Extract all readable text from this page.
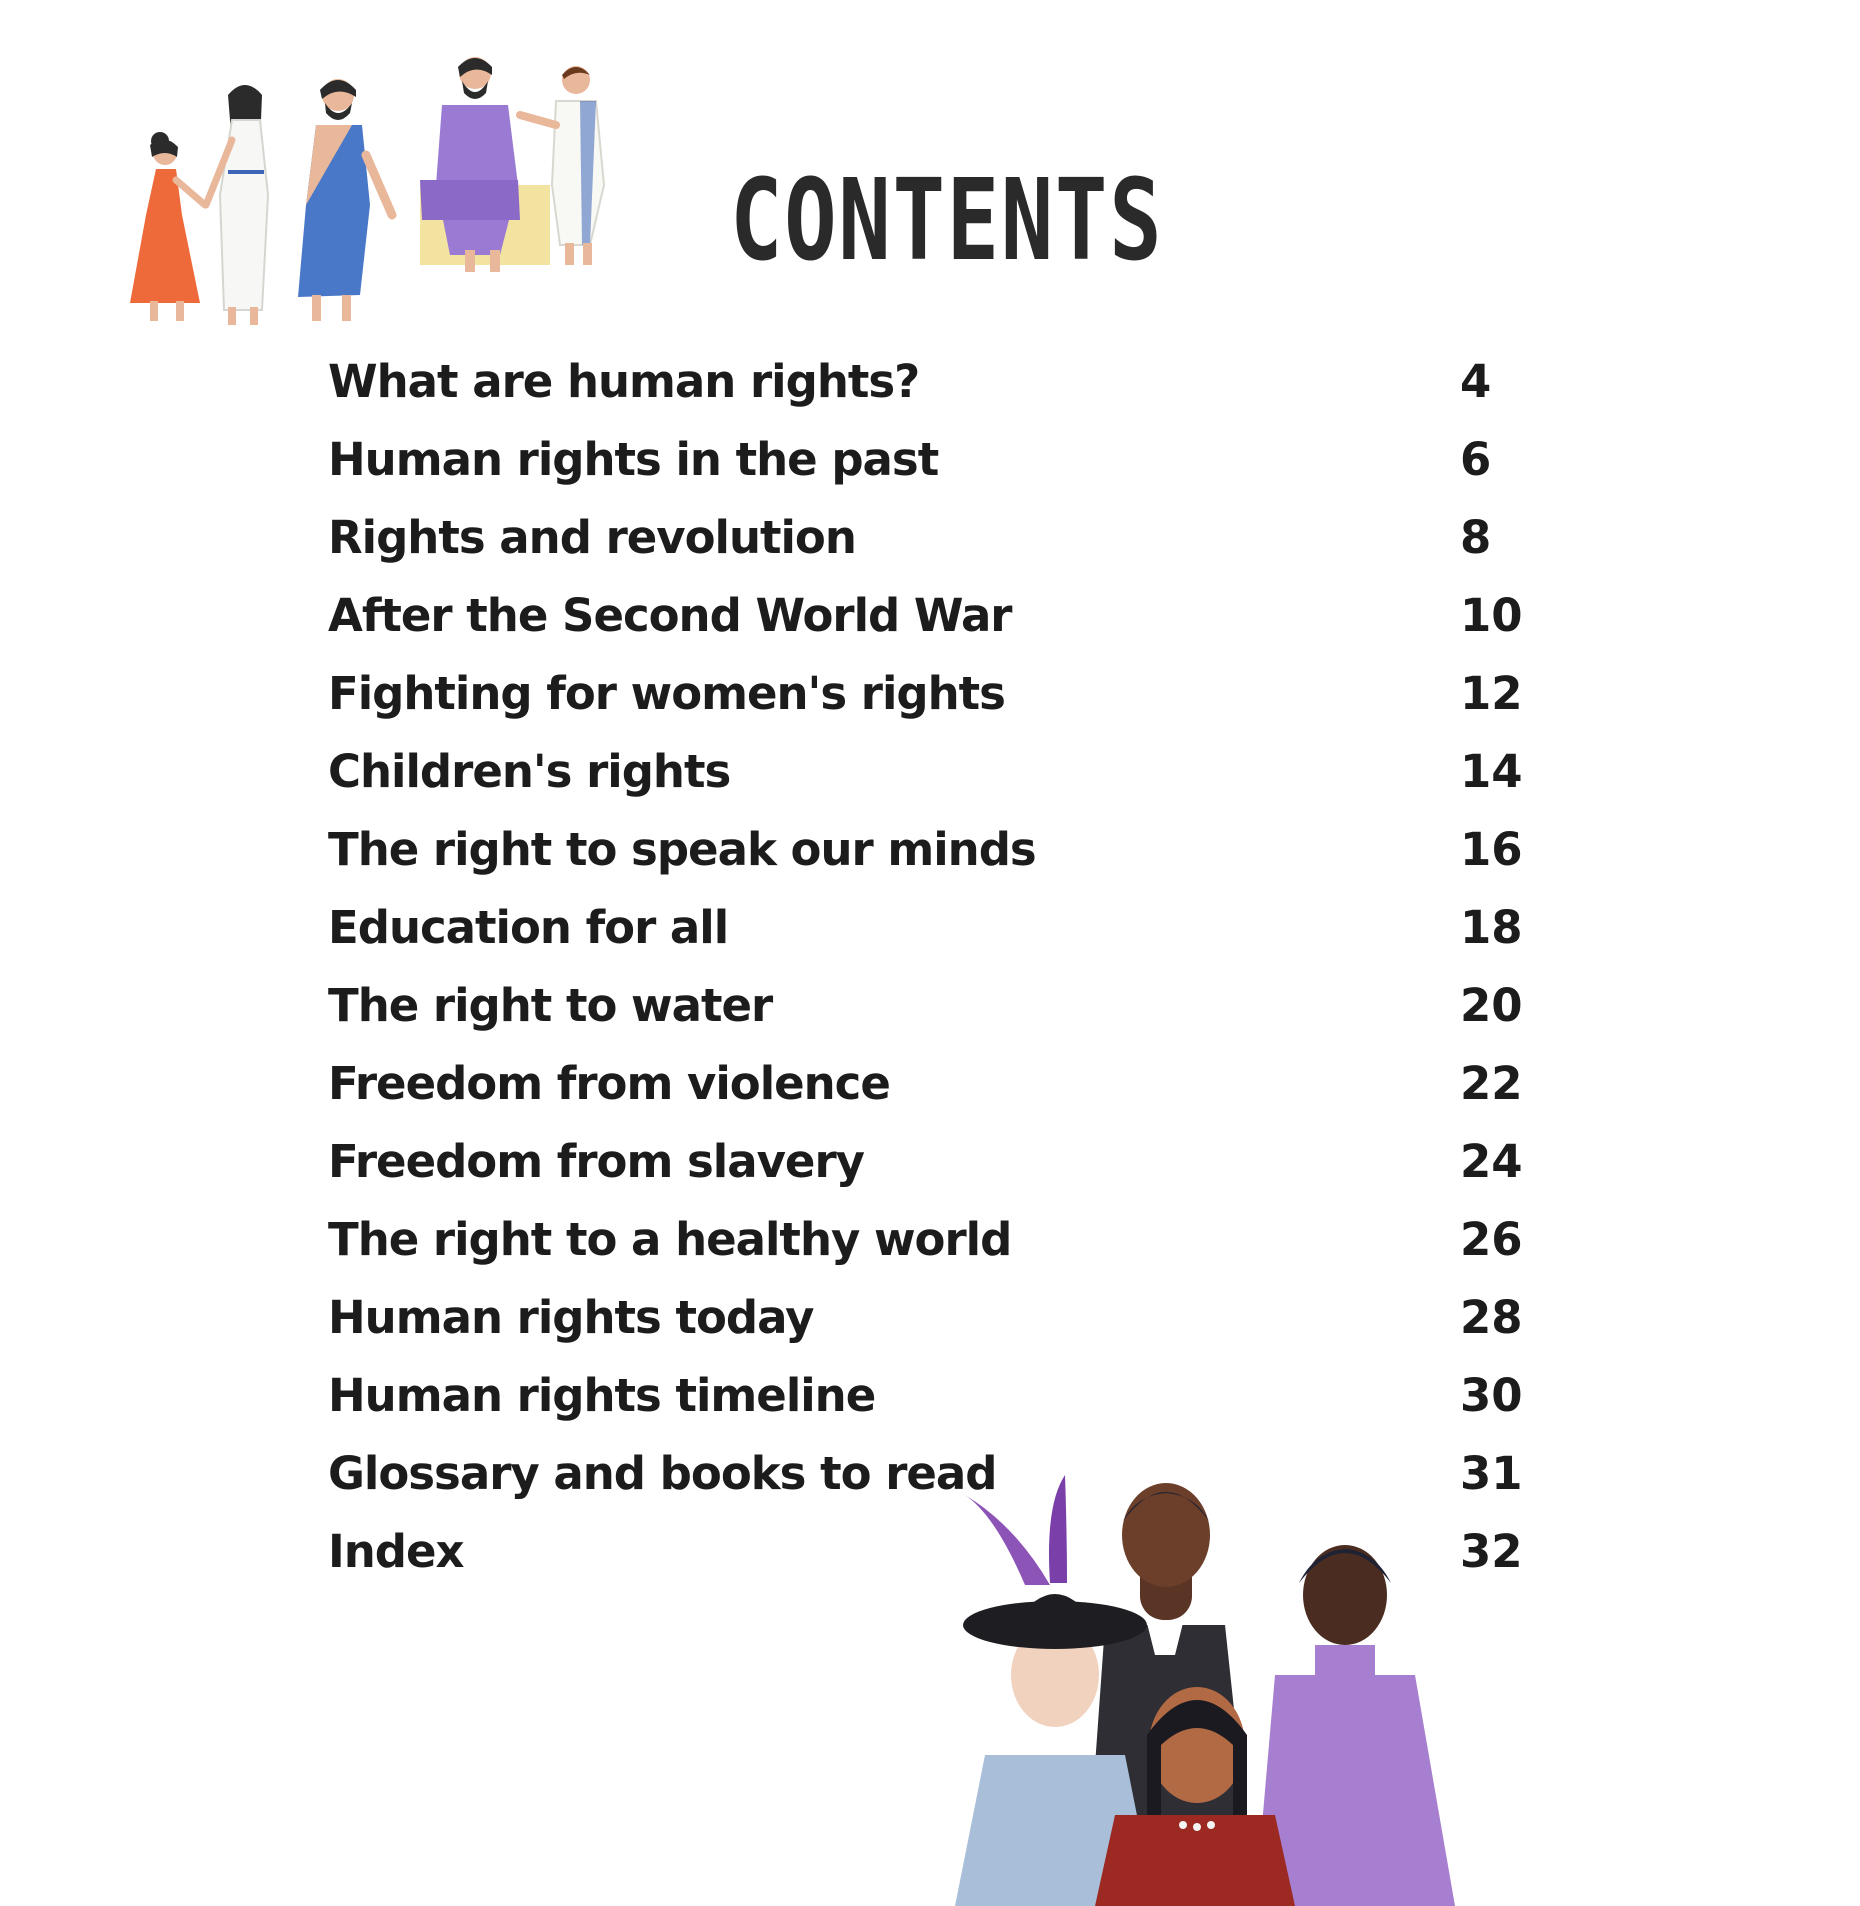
CONTENTS
What are human rights?	4
Human rights in the past	6
Rights and revolution	8
After the Second World War	10
Fighting for women's rights	12
Children's rights	14
The right to speak our minds	16
Education for all	18
The right to water	20
Freedom from violence	22
Freedom from slavery	24
The right to a healthy world	26
Human rights today	28
Human rights timeline	30
Glossary and books to read	31
Index	32
